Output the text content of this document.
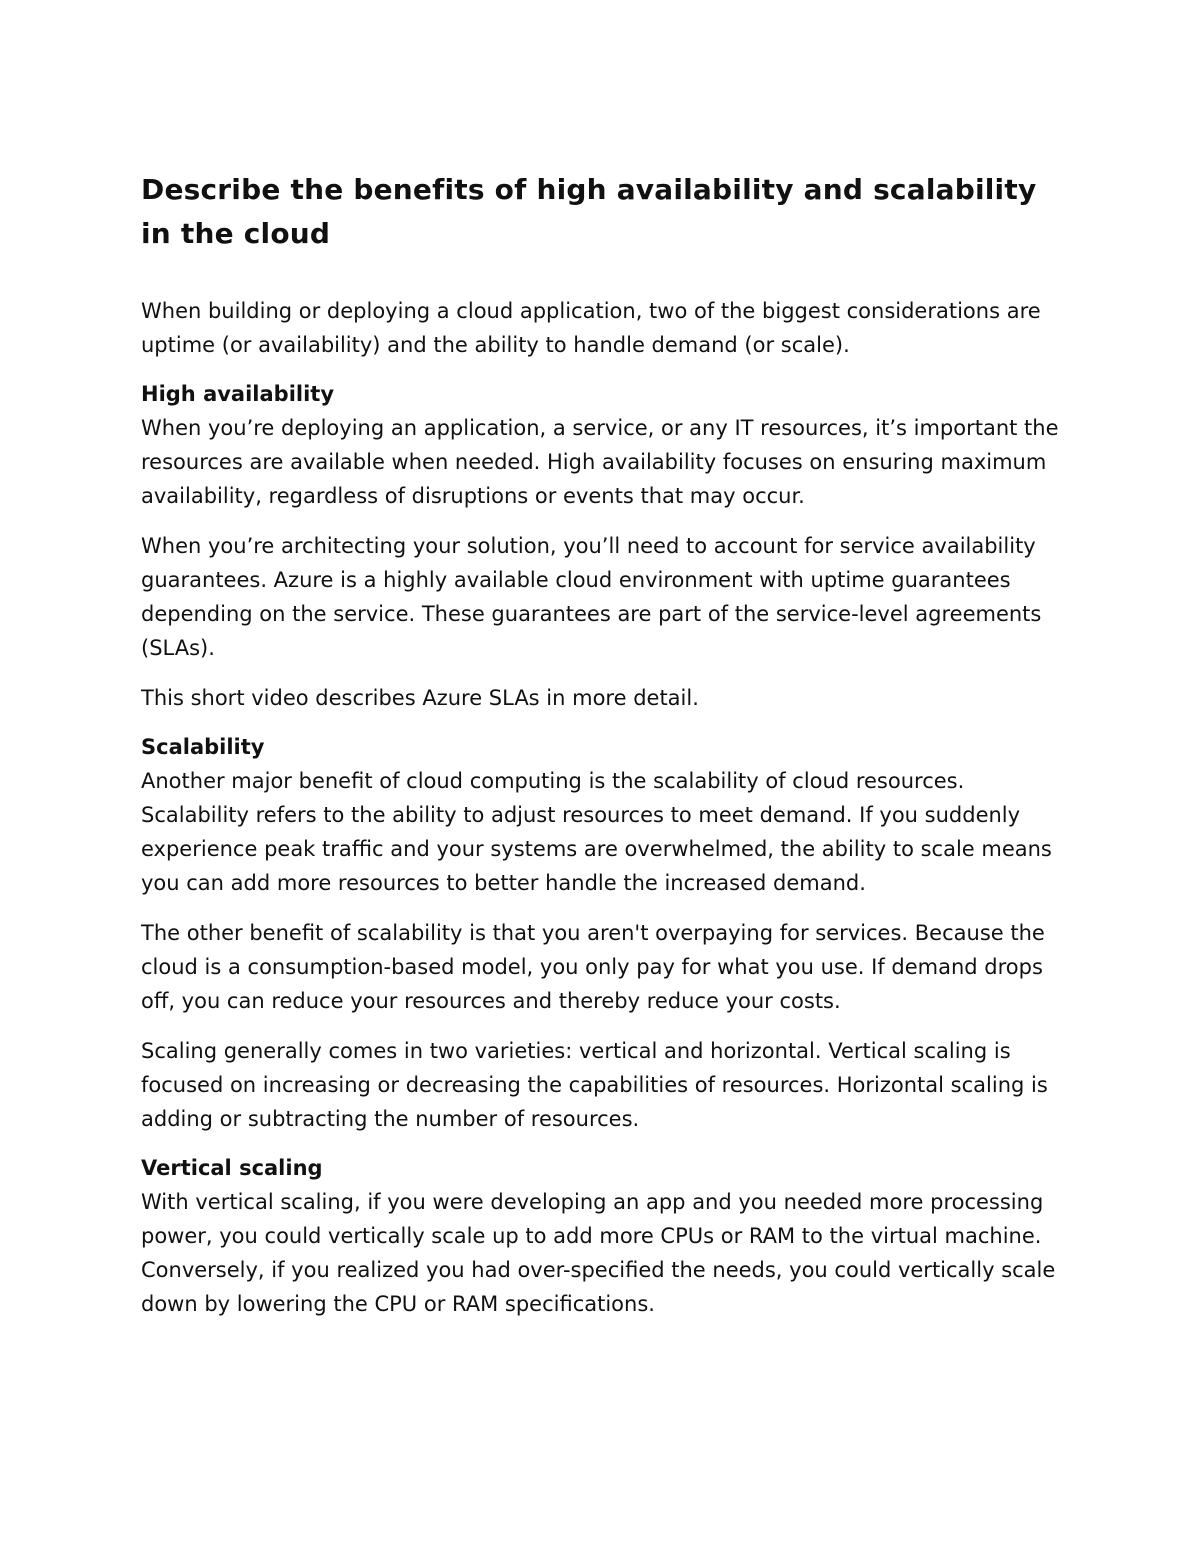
Describe the benefits of high availability and scalability in the cloud

When building or deploying a cloud application, two of the biggest considerations are uptime (or availability) and the ability to handle demand (or scale).

High availability

When you’re deploying an application, a service, or any IT resources, it’s important the resources are available when needed. High availability focuses on ensuring maximum availability, regardless of disruptions or events that may occur.

When you’re architecting your solution, you’ll need to account for service availability guarantees. Azure is a highly available cloud environment with uptime guarantees depending on the service. These guarantees are part of the service-level agreements (SLAs).

This short video describes Azure SLAs in more detail.

Scalability

Another major benefit of cloud computing is the scalability of cloud resources. Scalability refers to the ability to adjust resources to meet demand. If you suddenly experience peak traffic and your systems are overwhelmed, the ability to scale means you can add more resources to better handle the increased demand.

The other benefit of scalability is that you aren't overpaying for services. Because the cloud is a consumption-based model, you only pay for what you use. If demand drops off, you can reduce your resources and thereby reduce your costs.

Scaling generally comes in two varieties: vertical and horizontal. Vertical scaling is focused on increasing or decreasing the capabilities of resources. Horizontal scaling is adding or subtracting the number of resources.

Vertical scaling

With vertical scaling, if you were developing an app and you needed more processing power, you could vertically scale up to add more CPUs or RAM to the virtual machine. Conversely, if you realized you had over-specified the needs, you could vertically scale down by lowering the CPU or RAM specifications.
